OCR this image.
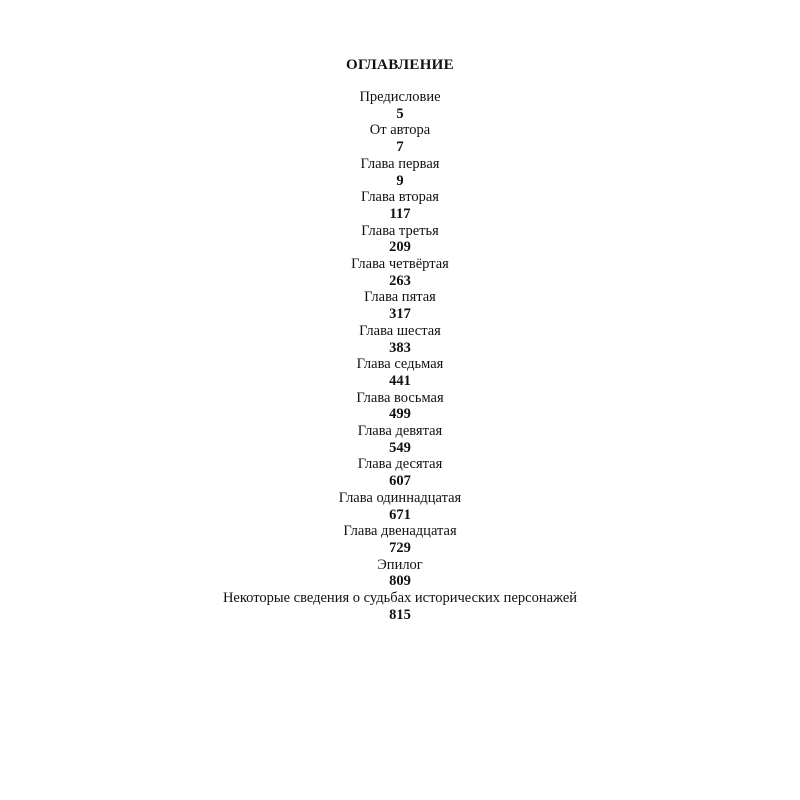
ОГЛАВЛЕНИЕ
Предисловие
5
От автора
7
Глава первая
9
Глава вторая
117
Глава третья
209
Глава четвёртая
263
Глава пятая
317
Глава шестая
383
Глава седьмая
441
Глава восьмая
499
Глава девятая
549
Глава десятая
607
Глава одиннадцатая
671
Глава двенадцатая
729
Эпилог
809
Некоторые сведения о судьбах исторических персонажей
815
